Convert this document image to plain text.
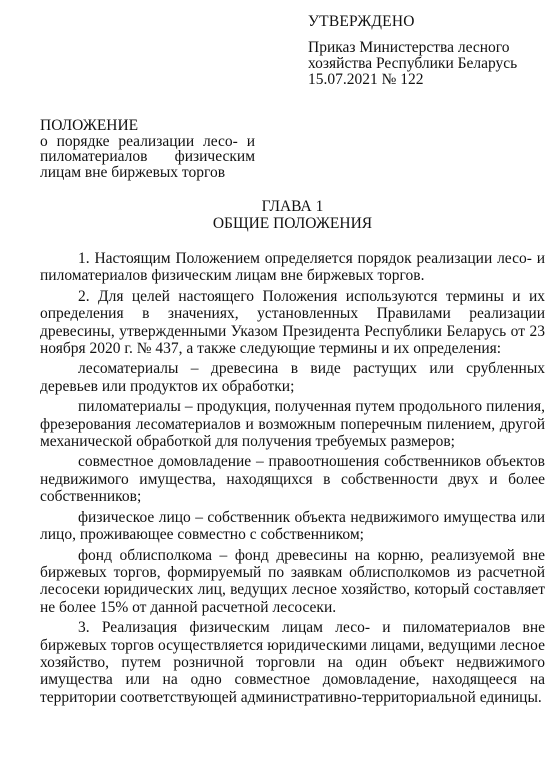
УТВЕРЖДЕНО

Приказ Министерства лесного

хозяйства Республики Беларусь

15.07.2021 № 122

ПОЛОЖЕНИЕ

о порядке реализации лесо- и пиломатериалов физическим лицам вне биржевых торгов

ГЛАВА 1

ОБЩИЕ ПОЛОЖЕНИЯ

1. Настоящим Положением определяется порядок реализации лесо- и пиломатериалов физическим лицам вне биржевых торгов.

2. Для целей настоящего Положения используются термины и их определения в значениях, установленных Правилами реализации древесины, утвержденными Указом Президента Республики Беларусь от 23 ноября 2020 г. № 437, а также следующие термины и их определения:

лесоматериалы – древесина в виде растущих или срубленных деревьев или продуктов их обработки;

пиломатериалы – продукция, полученная путем продольного пиления, фрезерования лесоматериалов и возможным поперечным пилением, другой механической обработкой для получения требуемых размеров;

совместное домовладение – правоотношения собственников объектов недвижимого имущества, находящихся в собственности двух и более собственников;

физическое лицо – собственник объекта недвижимого имущества или лицо, проживающее совместно с собственником;

фонд облисполкома – фонд древесины на корню, реализуемой вне биржевых торгов, формируемый по заявкам облисполкомов из расчетной лесосеки юридических лиц, ведущих лесное хозяйство, который составляет не более 15% от данной расчетной лесосеки.

3. Реализация физическим лицам лесо- и пиломатериалов вне биржевых торгов осуществляется юридическими лицами, ведущими лесное хозяйство, путем розничной торговли на один объект недвижимого имущества или на одно совместное домовладение, находящееся на территории соответствующей административно-территориальной единицы.
